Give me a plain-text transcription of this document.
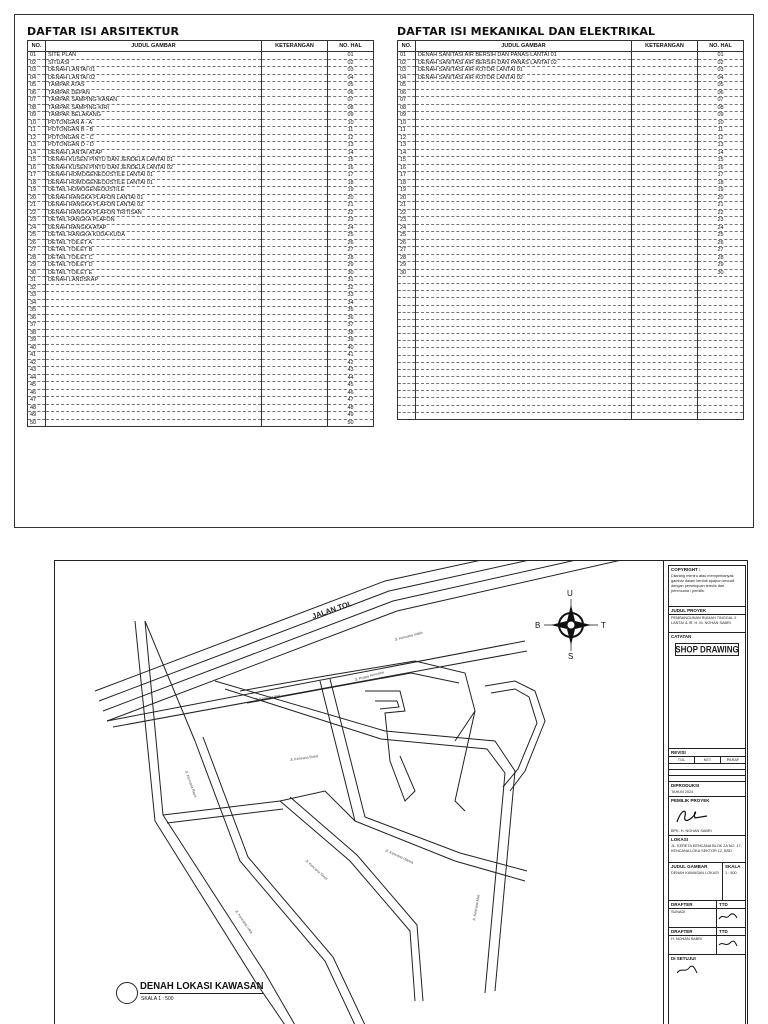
DAFTAR ISI ARSITEKTUR
NO.	JUDUL GAMBAR	KETERANGAN	NO. HAL
01	SITE PLAN		01
02	SITUASI		02
03	DENAH LANTAI 01		03
04	DENAH LANTAI 02		04
05	TAMPAK ATAS		05
06	TAMPAK DEPAN		06
07	TAMPAK SAMPING KANAN		07
08	TAMPAK SAMPING KIRI		08
09	TAMPAK BELAKANG		09
10	POTONGAN A - A		10
11	POTONGAN B - B		11
12	POTONGAN C - C		12
13	POTONGAN D - D		13
14	DENAH LANTAI ATAP		14
15	DENAH KUSEN PINTU DAN JENDELA LANTAI 01		15
16	DENAH KUSEN PINTU DAN JENDELA LANTAI 02		16
17	DENAH HOMOGENEOUSTILE LANTAI 01		17
18	DENAH HOMOGENEOUSTILE LANTAI 01		18
19	DETAIL HOMOGENEOUSTILE		19
20	DENAH RANGKA PLAFON LANTAI 01		20
21	DENAH RANGKA PLAFON LANTAI 02		21
22	DENAH RANGKA PLAFON TRITISAN		22
23	DETAIL RANGKA PLAFON		23
24	DENAH RANGKA ATAP		24
25	DETAIL RANGKA KUDA-KUDA		25
26	DETAIL TOILET A		26
27	DETAIL TOILET B		27
28	DETAIL TOILET C		28
29	DETAIL TOILET D		29
30	DETAIL TOILET E		30
31	DENAH LANDSKAP		31
32			32
33			33
34			34
35			35
36			36
37			37
38			38
39			39
40			40
41			41
42			42
43			43
44			44
45			45
46			46
47			47
48			48
49			49
50			50
DAFTAR ISI MEKANIKAL DAN ELEKTRIKAL
NO.	JUDUL GAMBAR	KETERANGAN	NO. HAL
01	DENAH SANITASI AIR BERSIH DAN PANAS LANTAI 01		01
02	DENAH SANITASI AIR BERSIH DAN PANAS LANTAI 02		02
03	DENAH SANITASI AIR KOTOR LANTAI 01		03
04	DENAH SANITASI AIR KOTOR LANTAI 02		04
05			05
06			06
07			07
08			08
09			09
10			10
11			11
12			12
13			13
14			14
15			15
16			16
17			17
18			18
19			19
20			20
21			21
22			22
23			23
24			24
25			25
26			26
27			27
28			28
29			29
30			30

JALAN TOL
Jl. Kencana Raya
Jl. Kencana Loka
Jl. Kencana Asri
Jl. Puspa Kencana
Jl. Kencana Indah
Jl. Kencana Timur
Jl. Kencana Barat
Jl. Kencana Utama
Jl. Kencana Mas
U
T
S
B
COPYRIGHT :
Dilarang meniru atau memperbanyak gambar dalam bentuk apapun kecuali dengan persetujuan tertulis dari perencana / pemilik.
JUDUL PROYEK
PEMBANGUNAN RUMAH TINGGAL 2 LANTAI & IR. H. M. NOHAN SABRI
CATATAN
SHOP DRAWING
REVISI
TGL	KET	PARAF
DIPRODUKSI
TAHUN 2024
PEMILIK PROYEK
BPK. H. NOHAN SABRI
LOKASI
JL. KERETA KENCANA BLOK 2A NO. 17, KENCANA LOKA SEKTOR 12, BSD
JUDUL GAMBAR
DENAH KAWASAN LOKASI
SKALA
1 : 500
DRAFTER
SUNADI
TTD
DRAFTER
H. NOHAN SABRI
TTD
DI SETUJUI
DENAH LOKASI KAWASAN
SKALA 1 : 500
